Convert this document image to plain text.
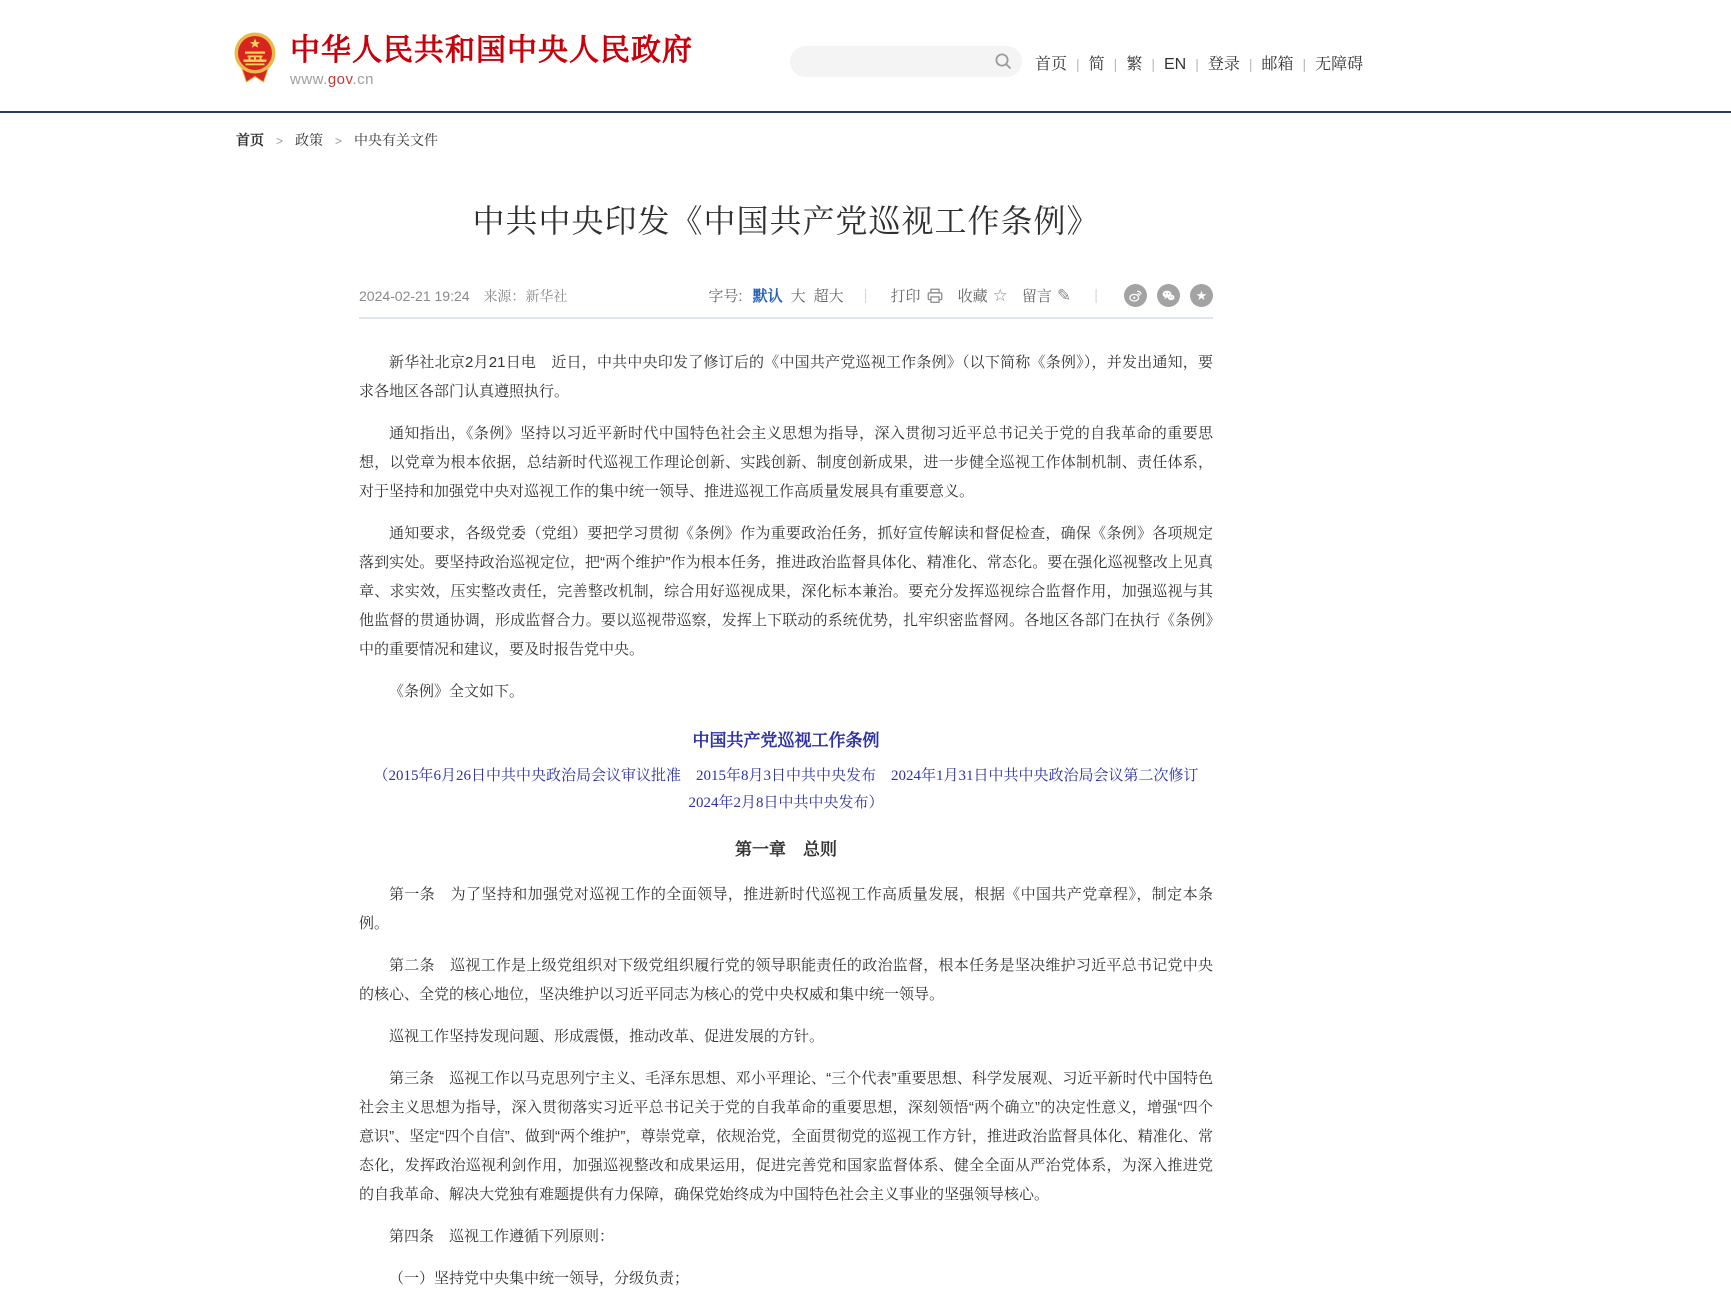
中华人民共和国中央人民政府
www.gov.cn
首页 | 简 | 繁 | EN | 登录 | 邮箱 | 无障碍
首页 > 政策 > 中央有关文件
中共中央印发《中国共产党巡视工作条例》
2024-02-21 19:24 来源：新华社	字号: 默认 大 超大 | 打印 收藏 ☆ 留言 ✎ |	★

新华社北京2月21日电　近日，中共中央印发了修订后的《中国共产党巡视工作条例》（以下简称《条例》），并发出通知，要求各地区各部门认真遵照执行。

通知指出，《条例》坚持以习近平新时代中国特色社会主义思想为指导，深入贯彻习近平总书记关于党的自我革命的重要思想，以党章为根本依据，总结新时代巡视工作理论创新、实践创新、制度创新成果，进一步健全巡视工作体制机制、责任体系，对于坚持和加强党中央对巡视工作的集中统一领导、推进巡视工作高质量发展具有重要意义。

通知要求，各级党委（党组）要把学习贯彻《条例》作为重要政治任务，抓好宣传解读和督促检查，确保《条例》各项规定落到实处。要坚持政治巡视定位，把“两个维护”作为根本任务，推进政治监督具体化、精准化、常态化。要在强化巡视整改上见真章、求实效，压实整改责任，完善整改机制，综合用好巡视成果，深化标本兼治。要充分发挥巡视综合监督作用，加强巡视与其他监督的贯通协调，形成监督合力。要以巡视带巡察，发挥上下联动的系统优势，扎牢织密监督网。各地区各部门在执行《条例》中的重要情况和建议，要及时报告党中央。

《条例》全文如下。

中国共产党巡视工作条例

（2015年6月26日中共中央政治局会议审议批准　2015年8月3日中共中央发布　2024年1月31日中共中央政治局会议第二次修订　2024年2月8日中共中央发布）

第一章　总则

第一条　为了坚持和加强党对巡视工作的全面领导，推进新时代巡视工作高质量发展，根据《中国共产党章程》，制定本条例。

第二条　巡视工作是上级党组织对下级党组织履行党的领导职能责任的政治监督，根本任务是坚决维护习近平总书记党中央的核心、全党的核心地位，坚决维护以习近平同志为核心的党中央权威和集中统一领导。

巡视工作坚持发现问题、形成震慑，推动改革、促进发展的方针。

第三条　巡视工作以马克思列宁主义、毛泽东思想、邓小平理论、“三个代表”重要思想、科学发展观、习近平新时代中国特色社会主义思想为指导，深入贯彻落实习近平总书记关于党的自我革命的重要思想，深刻领悟“两个确立”的决定性意义，增强“四个意识”、坚定“四个自信”、做到“两个维护”，尊崇党章，依规治党，全面贯彻党的巡视工作方针，推进政治监督具体化、精准化、常态化，发挥政治巡视利剑作用，加强巡视整改和成果运用，促进完善党和国家监督体系、健全全面从严治党体系，为深入推进党的自我革命、解决大党独有难题提供有力保障，确保党始终成为中国特色社会主义事业的坚强领导核心。

第四条　巡视工作遵循下列原则：

（一）坚持党中央集中统一领导，分级负责；
